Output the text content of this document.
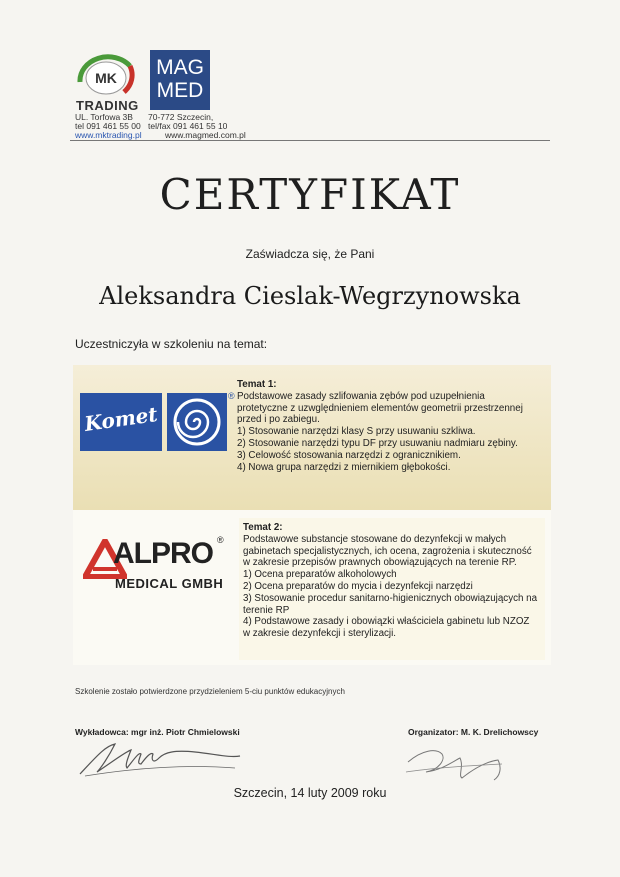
MK
TRADING
MAG
MED
UL. Torfowa 3B
tel 091 461 55 00
www.mktrading.pl
70-772 Szczecin,
tel/fax 091 461 55 10
www.magmed.com.pl
CERTYFIKAT
Zaświadcza się, że Pani
Aleksandra Cieslak-Wegrzynowska
Uczestniczyła w szkoleniu na temat:
Komet
®
Temat 1:
Podstawowe zasady szlifowania zębów pod uzupełnienia
protetyczne z uzwględnieniem elementów geometrii przestrzennej
przed i po zabiegu.
1) Stosowanie narzędzi klasy S przy usuwaniu szkliwa.
2) Stosowanie narzędzi typu DF przy usuwaniu nadmiaru zębiny.
3) Celowość stosowania narzędzi z ogranicznikiem.
4) Nowa grupa narzędzi z miernikiem głębokości.
ALPRO
MEDICAL GMBH
®
Temat 2:
Podstawowe substancje stosowane do dezynfekcji w małych
gabinetach specjalistycznych, ich ocena, zagrożenia i skuteczność
w zakresie przepisów prawnych obowiązujących na terenie RP.
1) Ocena preparatów alkoholowych
2) Ocena preparatów do mycia i dezynfekcji narzędzi
3) Stosowanie procedur sanitarno-higienicznych obowiązujących na
terenie RP
4) Podstawowe zasady i obowiązki właściciela gabinetu lub NZOZ
w zakresie dezynfekcji i sterylizacji.
Szkolenie zostało potwierdzone przydzieleniem 5-ciu punktów edukacyjnych
Wykładowca: mgr inż. Piotr Chmielowski	Organizator: M. K. Drelichowscy
Szczecin, 14 luty 2009 roku
